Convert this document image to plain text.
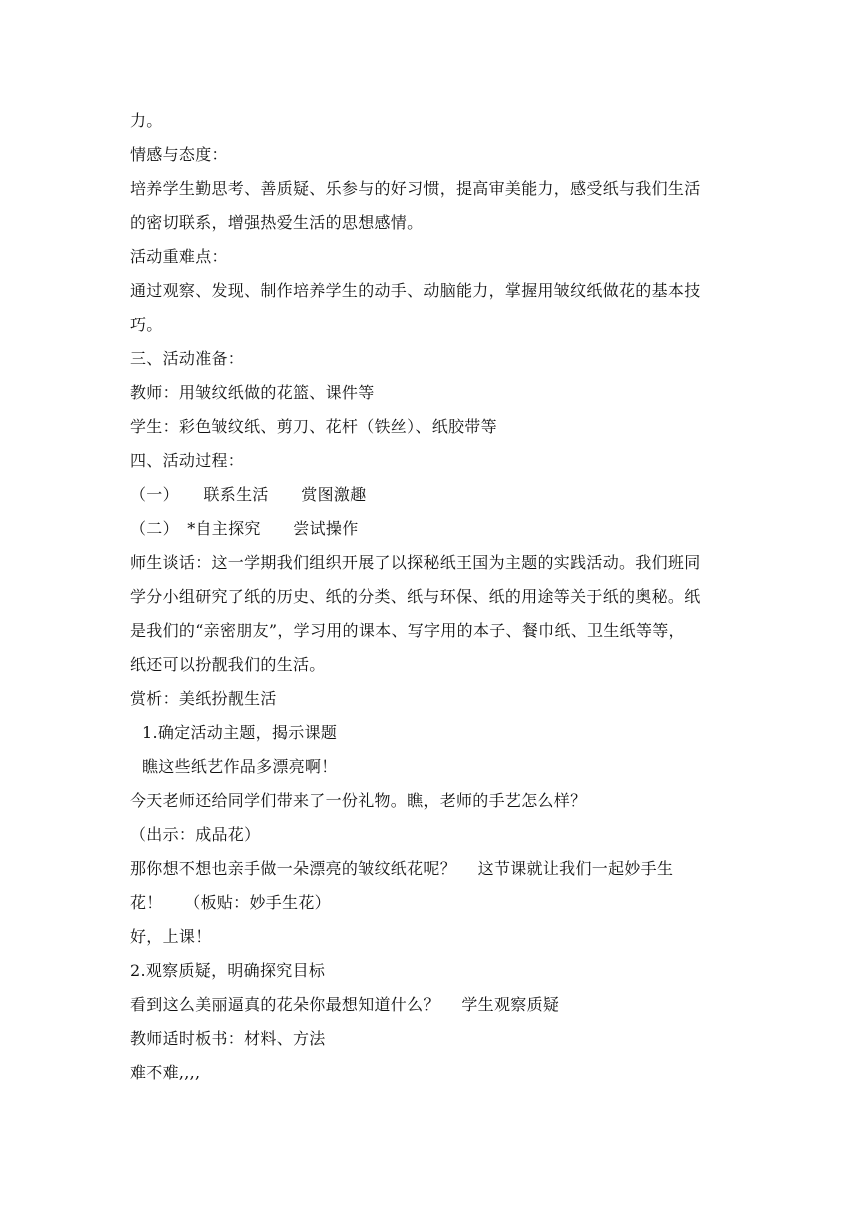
力。
情感与态度：
培养学生勤思考、善质疑、乐参与的好习惯，提高审美能力，感受纸与我们生活
的密切联系，增强热爱生活的思想感情。
活动重难点：
通过观察、发现、制作培养学生的动手、动脑能力，掌握用皱纹纸做花的基本技
巧。
三、活动准备：
教师：用皱纹纸做的花篮、课件等
学生：彩色皱纹纸、剪刀、花杆（铁丝）、纸胶带等
四、活动过程：
（一）　　联系生活　　赏图激趣
（二）　*自主探究　　尝试操作
师生谈话：这一学期我们组织开展了以探秘纸王国为主题的实践活动。我们班同
学分小组研究了纸的历史、纸的分类、纸与环保、纸的用途等关于纸的奥秘。纸
是我们的“亲密朋友”，学习用的课本、写字用的本子、餐巾纸、卫生纸等等，
纸还可以扮靓我们的生活。
赏析：美纸扮靓生活
1.确定活动主题，揭示课题
瞧这些纸艺作品多漂亮啊！
今天老师还给同学们带来了一份礼物。瞧，老师的手艺怎么样？
（出示：成品花）
那你想不想也亲手做一朵漂亮的皱纹纸花呢？　 这节课就让我们一起妙手生
花！　 （板贴：妙手生花）
好，上课！
2.观察质疑，明确探究目标
看到这么美丽逼真的花朵你最想知道什么？　 学生观察质疑
教师适时板书：材料、方法
难不难,,,,
